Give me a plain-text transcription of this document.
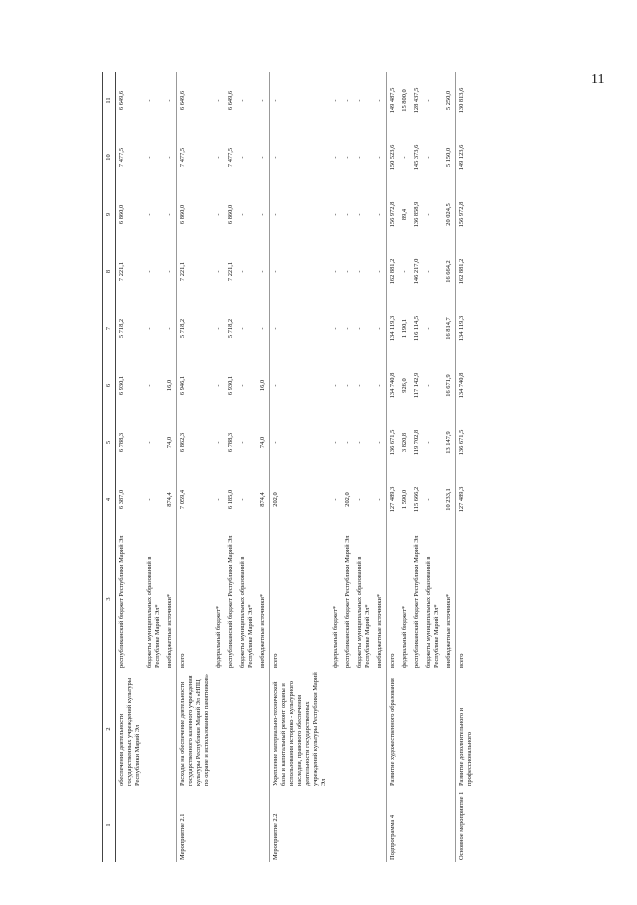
11
1	2	3	4	5	6	7	8	9	10	11
	обеспечения деятельности государственных учреждений культуры Республики Марий Эл	республиканский бюджет Республики Марий Эл	6 387,0	6 788,3	6 930,1	5 718,2	7 221,1	6 860,0	7 477,5	6 649,6
		бюджеты муниципальных образований в Республике Марий Эл*	-	-	-	-	-	-	-	-
		внебюджетные источники*	874,4	74,0	16,0	-	-	-	-	-
Мероприятие 2.1	Расходы на обеспечение деятельности государственного казенного учреждения культуры Республики Марий Эл «НПЦ по охране и использованию памятников»	всего	7 059,4	6 862,3	6 946,1	5 718,2	7 221,1	6 860,0	7 477,5	6 649,6
		федеральный бюджет*	-	-	-	-	-	-	-	-
		республиканский бюджет Республики Марий Эл	6 185,0	6 788,3	6 930,1	5 718,2	7 221,1	6 860,0	7 477,5	6 649,6
		бюджеты муниципальных образований в Республике Марий Эл*	-	-	-	-	-	-	-	-
		внебюджетные источники*	874,4	74,0	16,0	-	-	-	-	-
Мероприятие 2.2	Укрепление материально-технической базы и капитальный ремонт охраны и использования историко - культурного наследия, правового обеспечения деятельности государственных учреждений культуры Республики Марий Эл	всего	202,0	-	-	-	-	-	-	-
		федеральный бюджет*	-	-	-	-	-	-	-	-
		республиканский бюджет Республики Марий Эл	202,0	-	-	-	-	-	-	-
		бюджеты муниципальных образований в Республике Марий Эл*	-	-	-	-	-	-	-	-
		внебюджетные источники*	-	-	-	-	-	-	-	-
Подпрограмма 4	Развитие художественного образования	всего	127 489,3	136 671,5	134 740,8	134 119,3	162 881,2	156 972,8	150 523,6	149 487,5
		федеральный бюджет*	1 590,0	3 820,8	926,0	1 190,1	-	89,4	-	15 800,0
		республиканский бюджет Республики Марий Эл	115 666,2	119 702,8	117 142,9	116 114,5	146 217,0	136 858,9	145 373,6	128 437,5
		бюджеты муниципальных образований в Республике Марий Эл*	-	-	-	-	-	-	-	-
		внебюджетные источники*	10 233,1	13 147,9	16 671,9	16 814,7	16 664,2	20 024,5	5 150,0	5 250,0
Основное мероприятие 1	Развитие дополнительного и профессионального	всего	127 489,3	136 671,5	134 740,8	134 119,3	162 881,2	156 972,8	149 123,6	130 813,6
